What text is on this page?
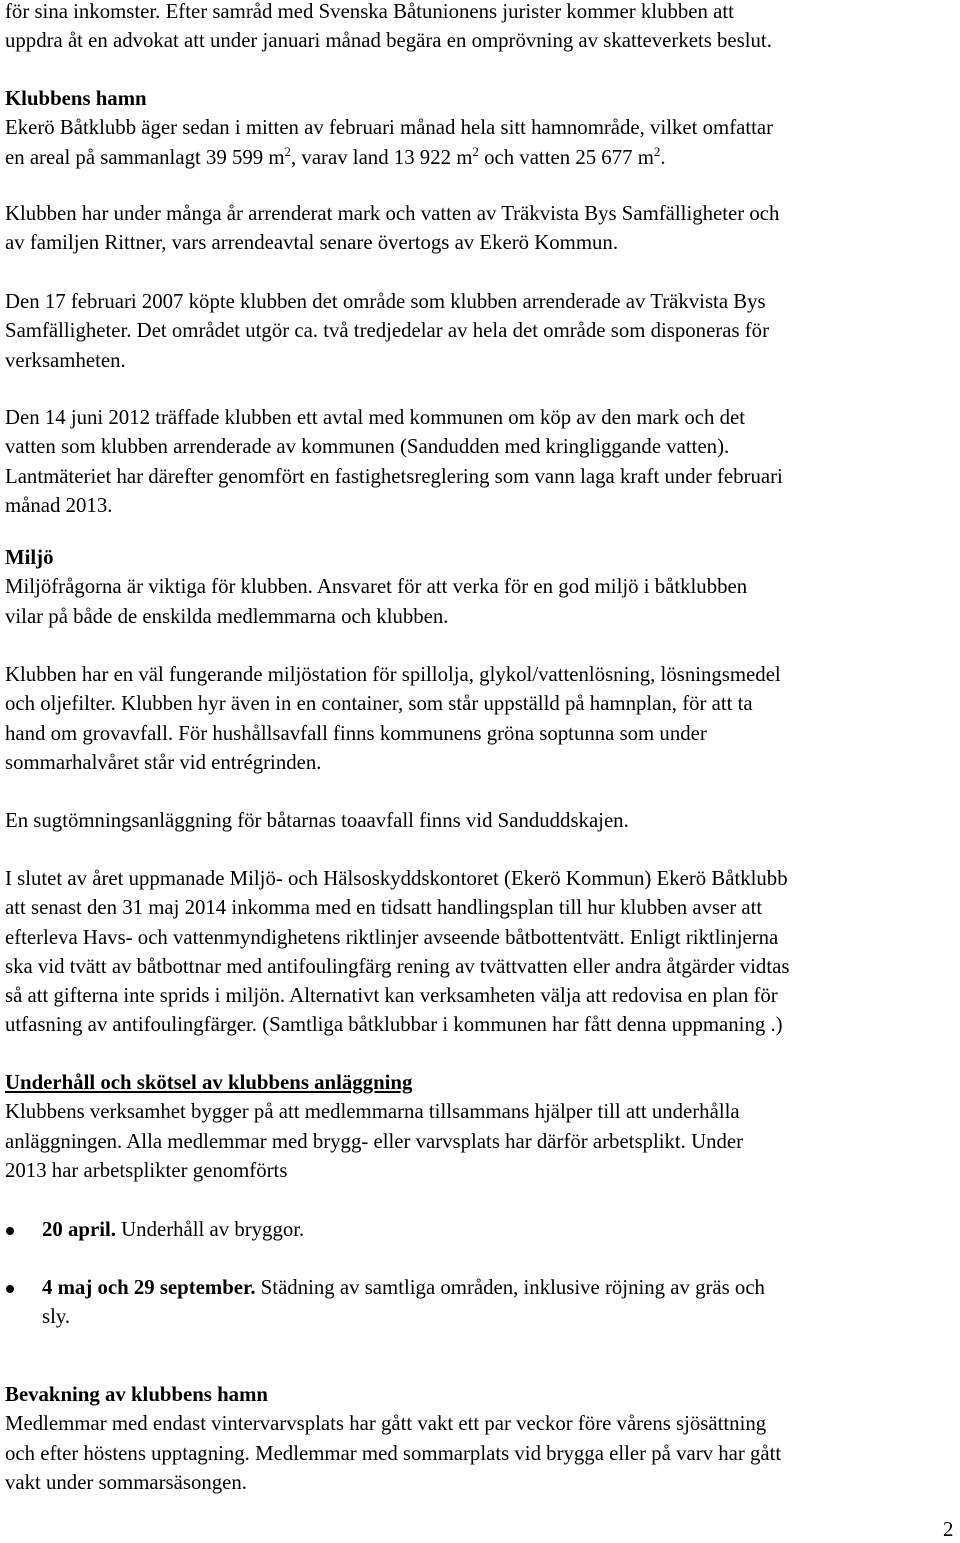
för sina inkomster. Efter samråd med Svenska Båtunionens jurister kommer klubben att

uppdra åt en advokat att under januari månad begära en omprövning av skatteverkets beslut.

Klubbens hamn

Ekerö Båtklubb äger sedan i mitten av februari månad hela sitt hamnområde, vilket omfattar

en areal på sammanlagt 39 599 $m^2$, varav land 13 922 $m^2$ och vatten 25 677 $m^2$.

Klubben har under många år arrenderat mark och vatten av Träkvista Bys Samfälligheter och

av familjen Rittner, vars arrendeavtal senare övertogs av Ekerö Kommun.

Den 17 februari 2007 köpte klubben det område som klubben arrenderade av Träkvista Bys

Samfälligheter. Det området utgör ca. två tredjedelar av hela det område som disponeras för

verksamheten.

Den 14 juni 2012 träffade klubben ett avtal med kommunen om köp av den mark och det

vatten som klubben arrenderade av kommunen (Sandudden med kringliggande vatten).

Lantmäteriet har därefter genomfört en fastighetsreglering som vann laga kraft under februari

månad 2013.

Miljö

Miljöfrågorna är viktiga för klubben. Ansvaret för att verka för en god miljö i båtklubben

vilar på både de enskilda medlemmarna och klubben.

Klubben har en väl fungerande miljöstation för spillolja, glykol/vattenlösning, lösningsmedel

och oljefilter. Klubben hyr även in en container, som står uppställd på hamnplan, för att ta

hand om grovavfall. För hushållsavfall finns kommunens gröna soptunna som under

sommarhalvåret står vid entrégrinden.

En sugtömningsanläggning för båtarnas toaavfall finns vid Sanduddskajen.

I slutet av året uppmanade Miljö- och Hälsoskyddskontoret (Ekerö Kommun) Ekerö Båtklubb

att senast den 31 maj 2014 inkomma med en tidsatt handlingsplan till hur klubben avser att

efterleva Havs- och vattenmyndighetens riktlinjer avseende båtbottentvätt. Enligt riktlinjerna

ska vid tvätt av båtbottnar med antifoulingfärg rening av tvättvatten eller andra åtgärder vidtas

så att gifterna inte sprids i miljön. Alternativt kan verksamheten välja att redovisa en plan för

utfasning av antifoulingfärger. (Samtliga båtklubbar i kommunen har fått denna uppmaning .)

Underhåll och skötsel av klubbens anläggning

Klubbens verksamhet bygger på att medlemmarna tillsammans hjälper till att underhålla

anläggningen. Alla medlemmar med brygg- eller varvsplats har därför arbetsplikt. Under

2013 har arbetsplikter genomförts

20 april. Underhåll av bryggor.

4 maj och 29 september. Städning av samtliga områden, inklusive röjning av gräs och

sly.

Bevakning av klubbens hamn

Medlemmar med endast vintervarvsplats har gått vakt ett par veckor före vårens sjösättning

och efter höstens upptagning. Medlemmar med sommarplats vid brygga eller på varv har gått

vakt under sommarsäsongen.

2
